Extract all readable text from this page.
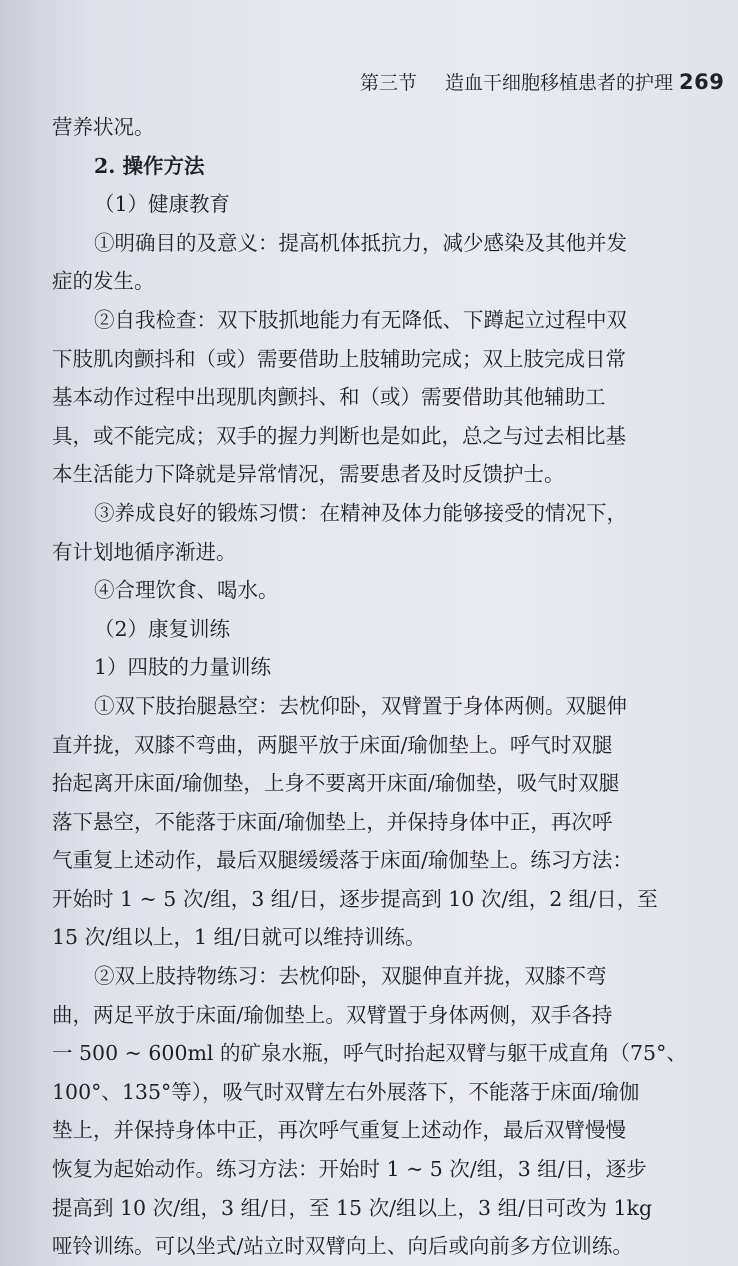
第三节 造血干细胞移植患者的护理 269
营养状况。
2. 操作方法
（1）健康教育
①明确目的及意义：提高机体抵抗力，减少感染及其他并发
症的发生。
②自我检查：双下肢抓地能力有无降低、下蹲起立过程中双
下肢肌肉颤抖和（或）需要借助上肢辅助完成；双上肢完成日常
基本动作过程中出现肌肉颤抖、和（或）需要借助其他辅助工
具，或不能完成；双手的握力判断也是如此，总之与过去相比基
本生活能力下降就是异常情况，需要患者及时反馈护士。
③养成良好的锻炼习惯：在精神及体力能够接受的情况下，
有计划地循序渐进。
④合理饮食、喝水。
（2）康复训练
1）四肢的力量训练
①双下肢抬腿悬空：去枕仰卧，双臂置于身体两侧。双腿伸
直并拢，双膝不弯曲，两腿平放于床面/瑜伽垫上。呼气时双腿
抬起离开床面/瑜伽垫，上身不要离开床面/瑜伽垫，吸气时双腿
落下悬空，不能落于床面/瑜伽垫上，并保持身体中正，再次呼
气重复上述动作，最后双腿缓缓落于床面/瑜伽垫上。练习方法：
开始时 1 ~ 5 次/组，3 组/日，逐步提高到 10 次/组，2 组/日，至
15 次/组以上，1 组/日就可以维持训练。
②双上肢持物练习：去枕仰卧，双腿伸直并拢，双膝不弯
曲，两足平放于床面/瑜伽垫上。双臂置于身体两侧，双手各持
一 500 ~ 600ml 的矿泉水瓶，呼气时抬起双臂与躯干成直角（75°、
100°、135°等），吸气时双臂左右外展落下，不能落于床面/瑜伽
垫上，并保持身体中正，再次呼气重复上述动作，最后双臂慢慢
恢复为起始动作。练习方法：开始时 1 ~ 5 次/组，3 组/日，逐步
提高到 10 次/组，3 组/日，至 15 次/组以上，3 组/日可改为 1kg
哑铃训练。可以坐式/站立时双臂向上、向后或向前多方位训练。
